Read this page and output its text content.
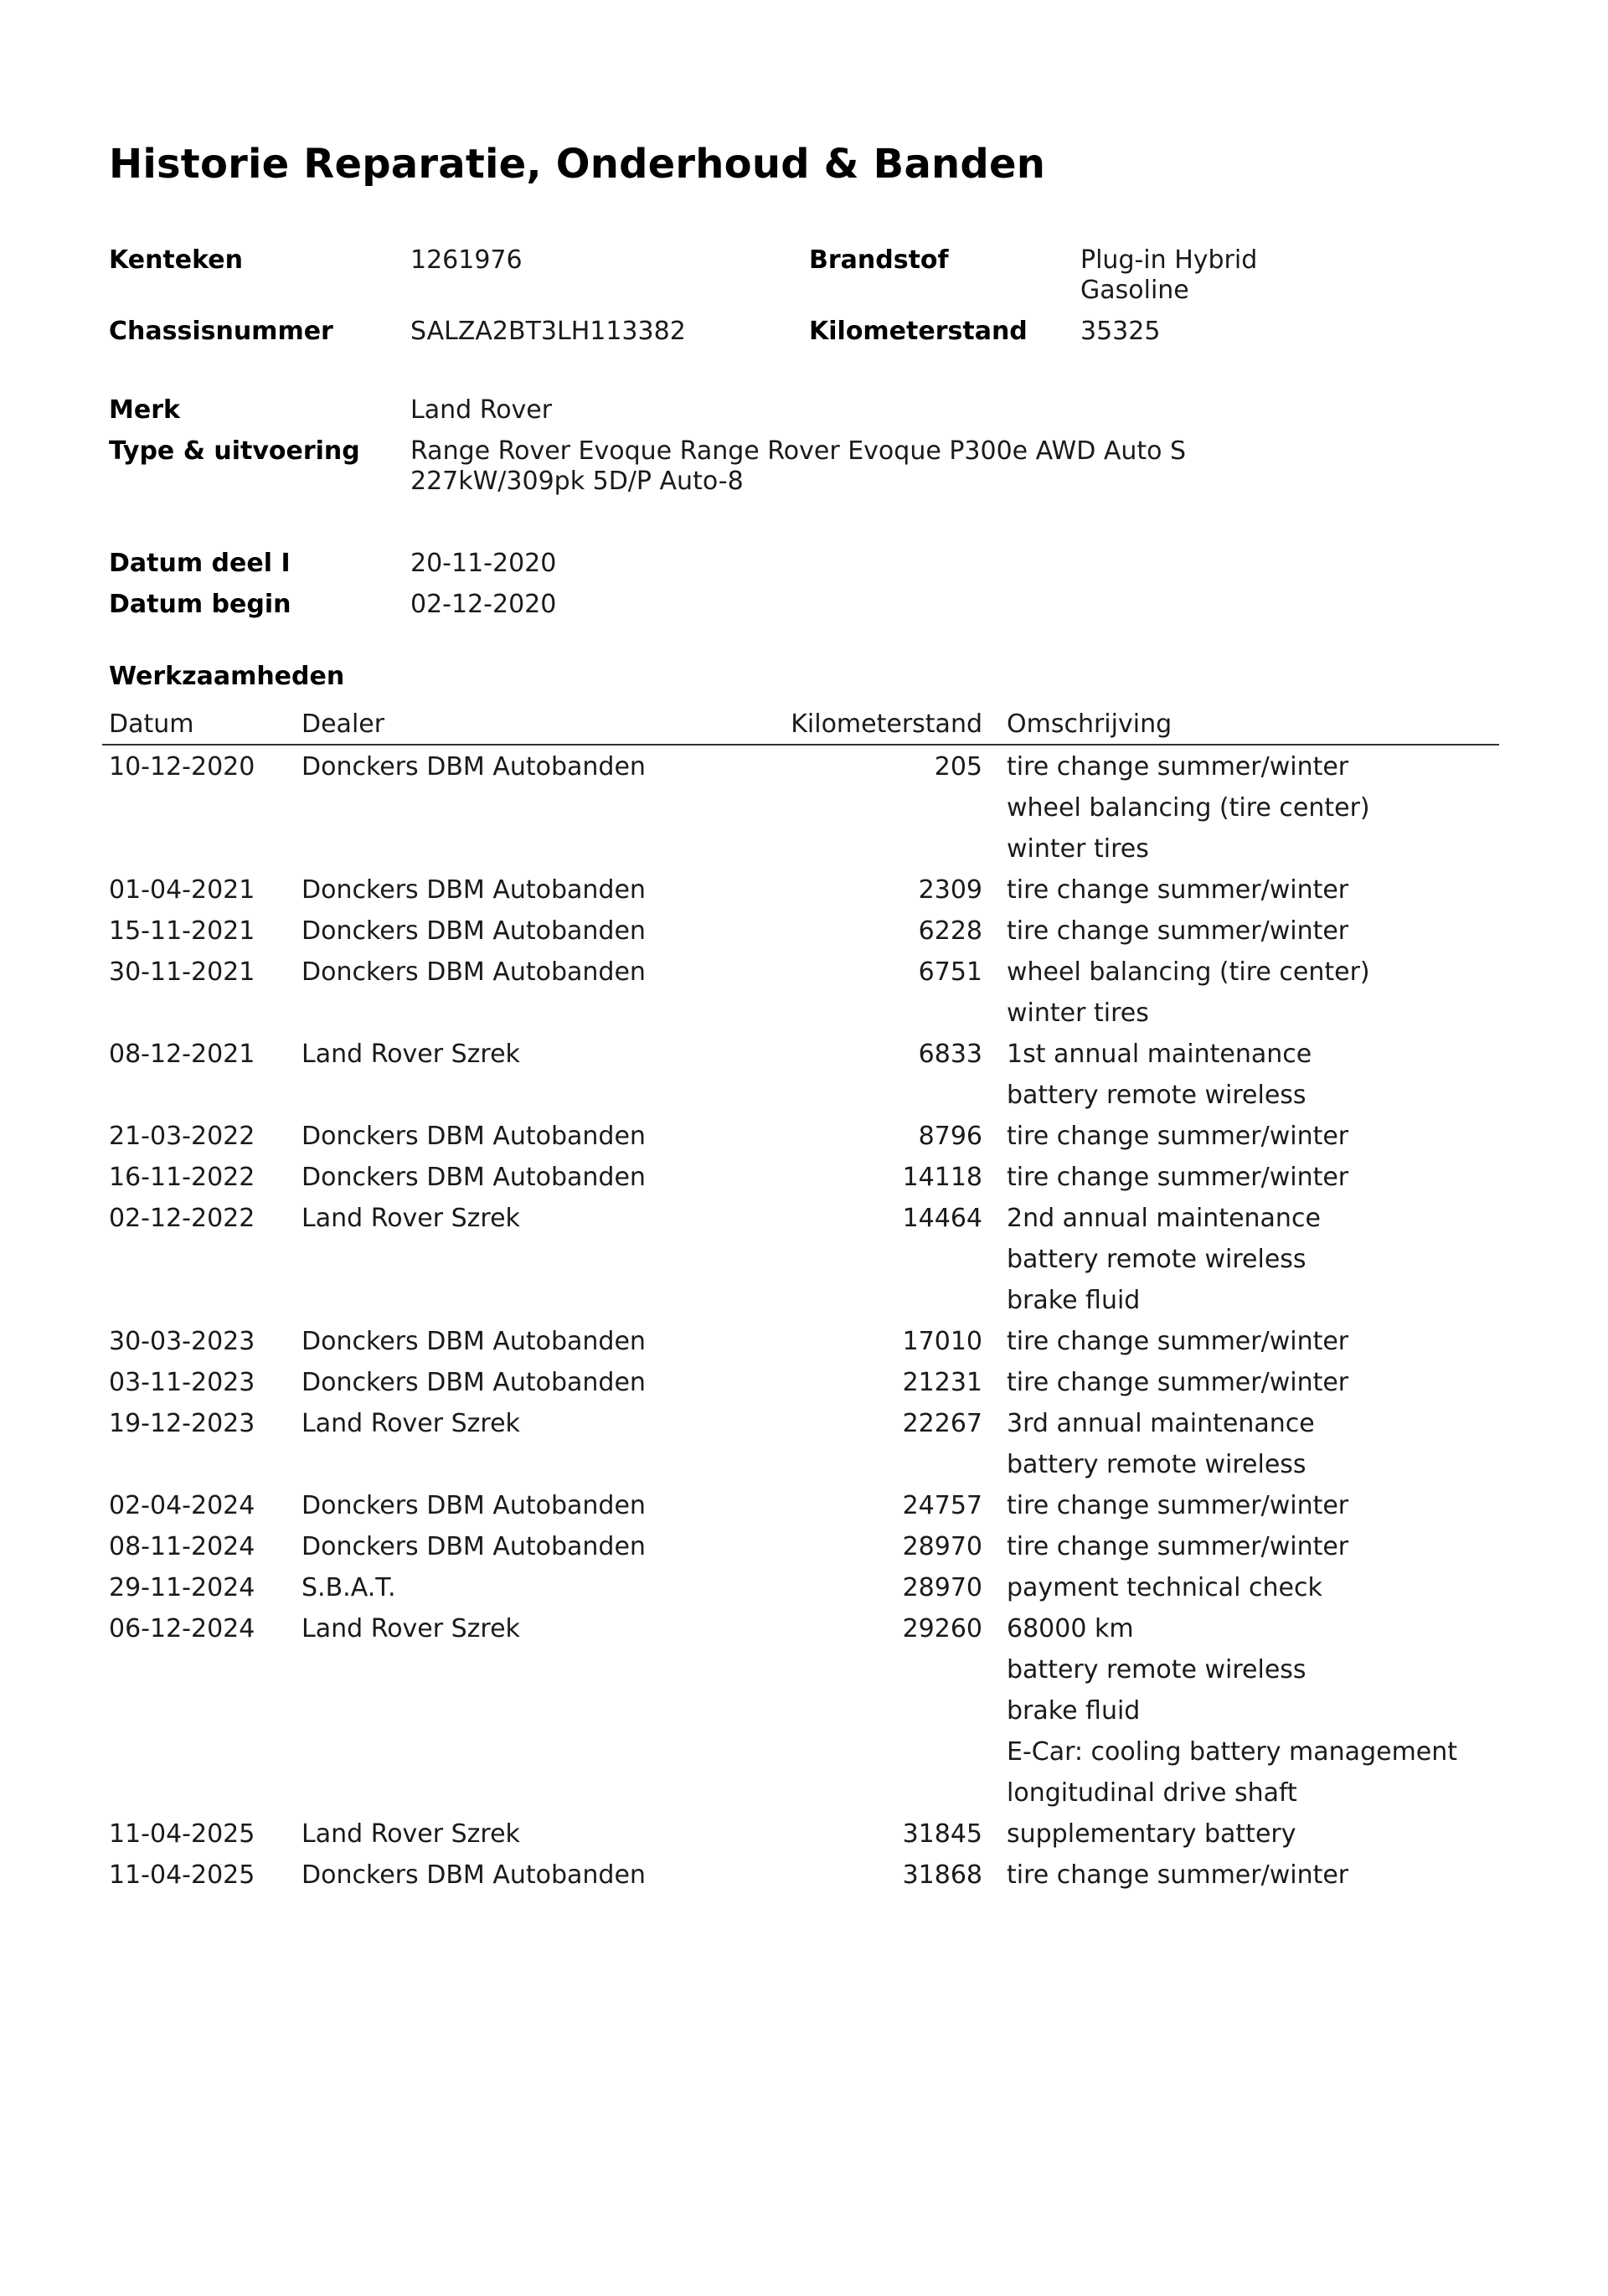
Historie Reparatie, Onderhoud & Banden
Kenteken	1261976	Brandstof	Plug-in Hybrid
Gasoline
Chassisnummer	SALZA2BT3LH113382	Kilometerstand 35325
Merk	Land Rover
Type & uitvoering Range Rover Evoque Range Rover Evoque P300e AWD Auto S
227kW/309pk 5D/P Auto-8
Datum deel I	20-11-2020
Datum begin	02-12-2020
Werkzaamheden
Datum	Dealer	Kilometerstand Omschrijving
10-12-2020 Donckers DBM Autobanden	205 tire change summer/winter
wheel balancing (tire center)
winter tires
01-04-2021 Donckers DBM Autobanden	2309 tire change summer/winter
15-11-2021 Donckers DBM Autobanden	6228 tire change summer/winter
30-11-2021 Donckers DBM Autobanden	6751 wheel balancing (tire center)
winter tires
08-12-2021 Land Rover Szrek	6833 1st annual maintenance
battery remote wireless
21-03-2022 Donckers DBM Autobanden	8796 tire change summer/winter
16-11-2022 Donckers DBM Autobanden	14118 tire change summer/winter
02-12-2022 Land Rover Szrek	14464 2nd annual maintenance
battery remote wireless
brake fluid
30-03-2023 Donckers DBM Autobanden	17010 tire change summer/winter
03-11-2023 Donckers DBM Autobanden	21231 tire change summer/winter
19-12-2023 Land Rover Szrek	22267 3rd annual maintenance
battery remote wireless
02-04-2024 Donckers DBM Autobanden	24757 tire change summer/winter
08-11-2024 Donckers DBM Autobanden	28970 tire change summer/winter
29-11-2024 S.B.A.T.	28970 payment technical check
06-12-2024 Land Rover Szrek	29260 68000 km
battery remote wireless
brake fluid
E-Car: cooling battery management
longitudinal drive shaft
11-04-2025 Land Rover Szrek	31845 supplementary battery
11-04-2025 Donckers DBM Autobanden	31868 tire change summer/winter
